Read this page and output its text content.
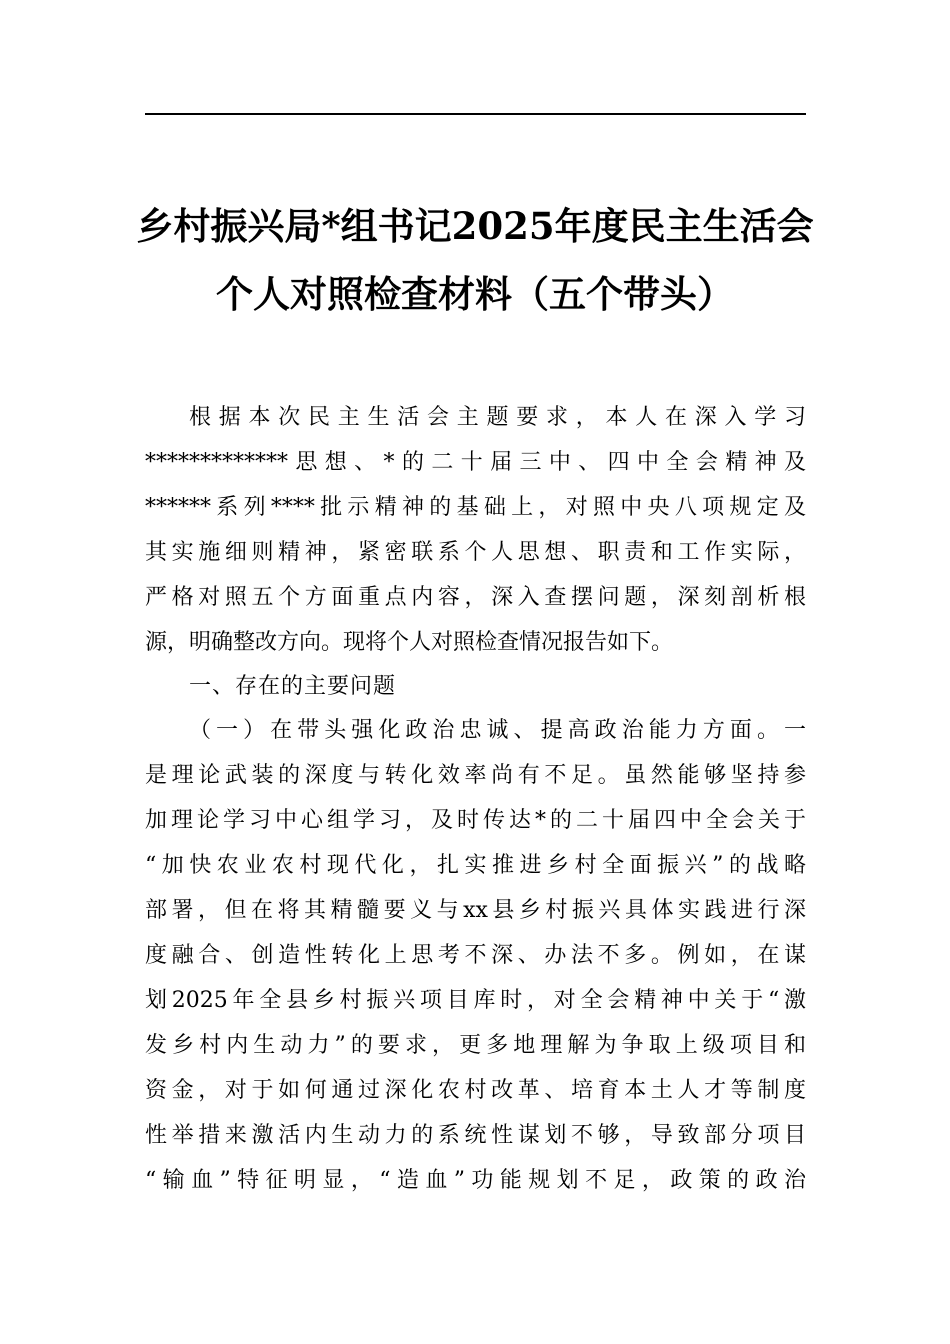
乡村振兴局*组书记2025年度民主生活会
个人对照检查材料（五个带头）
根据本次民主生活会主题要求，本人在深入学习
*************思想、*的二十届三中、四中全会精神及
******系列****批示精神的基础上，对照中央八项规定及
其实施细则精神，紧密联系个人思想、职责和工作实际，
严格对照五个方面重点内容，深入查摆问题，深刻剖析根
源，明确整改方向。现将个人对照检查情况报告如下。
一、存在的主要问题
（一）在带头强化政治忠诚、提高政治能力方面。一
是理论武装的深度与转化效率尚有不足。虽然能够坚持参
加理论学习中心组学习，及时传达*的二十届四中全会关于
“加快农业农村现代化，扎实推进乡村全面振兴”的战略
部署，但在将其精髓要义与xx县乡村振兴具体实践进行深
度融合、创造性转化上思考不深、办法不多。例如，在谋
划2025年全县乡村振兴项目库时，对全会精神中关于“激
发乡村内生动力”的要求，更多地理解为争取上级项目和
资金，对于如何通过深化农村改革、培育本土人才等制度
性举措来激活内生动力的系统性谋划不够，导致部分项目
“输血”特征明显，“造血”功能规划不足，政策的政治
